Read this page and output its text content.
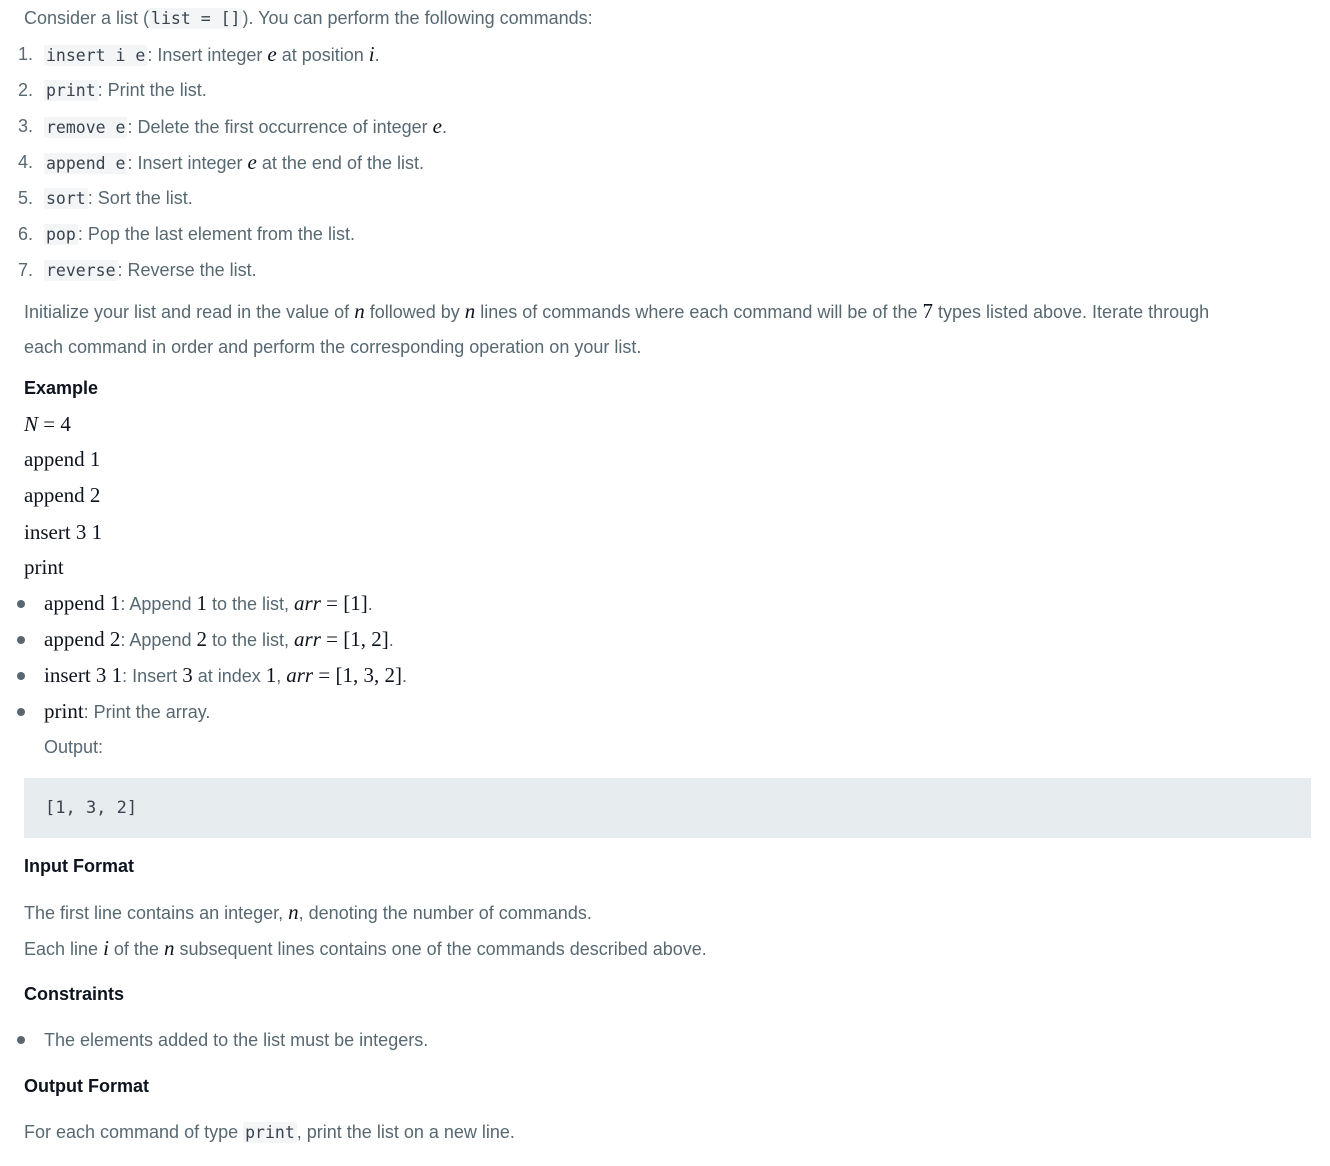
Consider a list ( list = [] ). You can perform the following commands:
1. insert i e : Insert integer e at position i.
2. print : Print the list.
3. remove e : Delete the first occurrence of integer e.
4. append e : Insert integer e at the end of the list.
5. sort : Sort the list.
6. pop : Pop the last element from the list.
7. reverse : Reverse the list.
Initialize your list and read in the value of n followed by n lines of commands where each command will be of the 7 types listed above. Iterate through
each command in order and perform the corresponding operation on your list.
Example
N = 4
append 1
append 2
insert 3 1
print
append 1: Append 1 to the list, arr = [1].
append 2: Append 2 to the list, arr = [1, 2].
insert 3 1: Insert 3 at index 1, arr = [1, 3, 2].
print: Print the array.
Output:
[1, 3, 2]
Input Format
The first line contains an integer, n, denoting the number of commands.
Each line i of the n subsequent lines contains one of the commands described above.
Constraints
The elements added to the list must be integers.
Output Format
For each command of type print , print the list on a new line.
